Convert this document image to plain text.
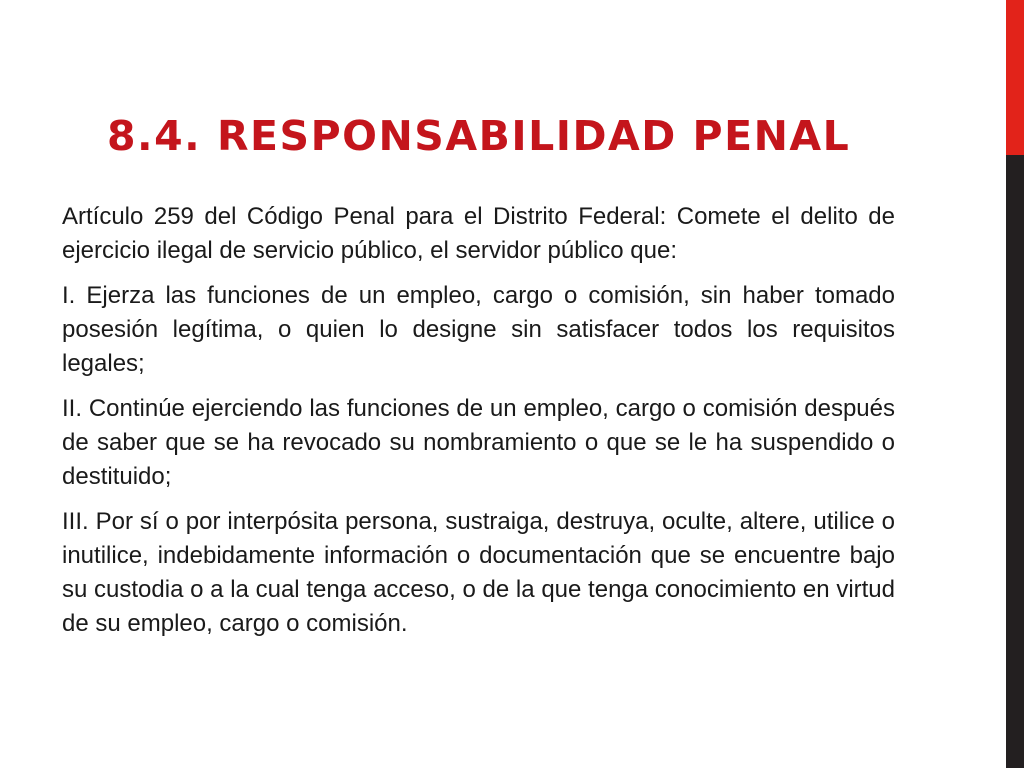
8.4. RESPONSABILIDAD PENAL

Artículo 259 del Código Penal para el Distrito Federal: Comete el delito de ejercicio ilegal de servicio público, el servidor público que:

I. Ejerza las funciones de un empleo, cargo o comisión, sin haber tomado posesión legítima, o quien lo designe sin satisfacer todos los requisitos legales;

II. Continúe ejerciendo las funciones de un empleo, cargo o comisión después de saber que se ha revocado su nombramiento o que se le ha suspendido o destituido;

III. Por sí o por interpósita persona, sustraiga, destruya, oculte, altere, utilice o inutilice, indebidamente información o documentación que se encuentre bajo su custodia o a la cual tenga acceso, o de la que tenga conocimiento en virtud de su empleo, cargo o comisión.
